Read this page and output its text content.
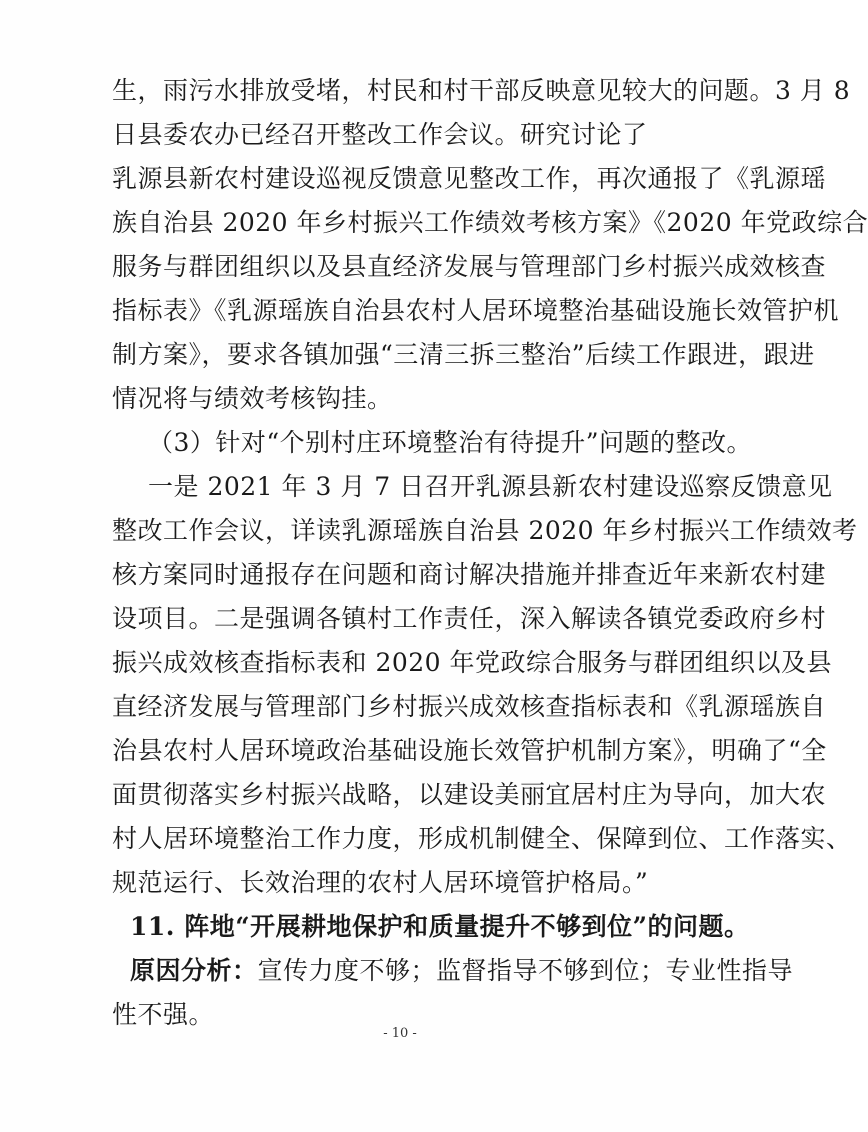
生，雨污水排放受堵，村民和村干部反映意见较大的问题。3 月 8
日县委农办已经召开整改工作会议。研究讨论了
乳源县新农村建设巡视反馈意见整改工作，再次通报了《乳源瑶
族自治县 2020 年乡村振兴工作绩效考核方案》《2020 年党政综合
服务与群团组织以及县直经济发展与管理部门乡村振兴成效核查
指标表》《乳源瑶族自治县农村人居环境整治基础设施长效管护机
制方案》，要求各镇加强“三清三拆三整治”后续工作跟进，跟进
情况将与绩效考核钩挂。
（3）针对“个别村庄环境整治有待提升”问题的整改。
一是 2021 年 3 月 7 日召开乳源县新农村建设巡察反馈意见
整改工作会议，详读乳源瑶族自治县 2020 年乡村振兴工作绩效考
核方案同时通报存在问题和商讨解决措施并排查近年来新农村建
设项目。二是强调各镇村工作责任，深入解读各镇党委政府乡村
振兴成效核查指标表和 2020 年党政综合服务与群团组织以及县
直经济发展与管理部门乡村振兴成效核查指标表和《乳源瑶族自
治县农村人居环境政治基础设施长效管护机制方案》，明确了“全
面贯彻落实乡村振兴战略，以建设美丽宜居村庄为导向，加大农
村人居环境整治工作力度，形成机制健全、保障到位、工作落实、
规范运行、长效治理的农村人居环境管护格局。”
11. 阵地“开展耕地保护和质量提升不够到位”的问题。
原因分析：宣传力度不够；监督指导不够到位；专业性指导
性不强。
- 10 -
